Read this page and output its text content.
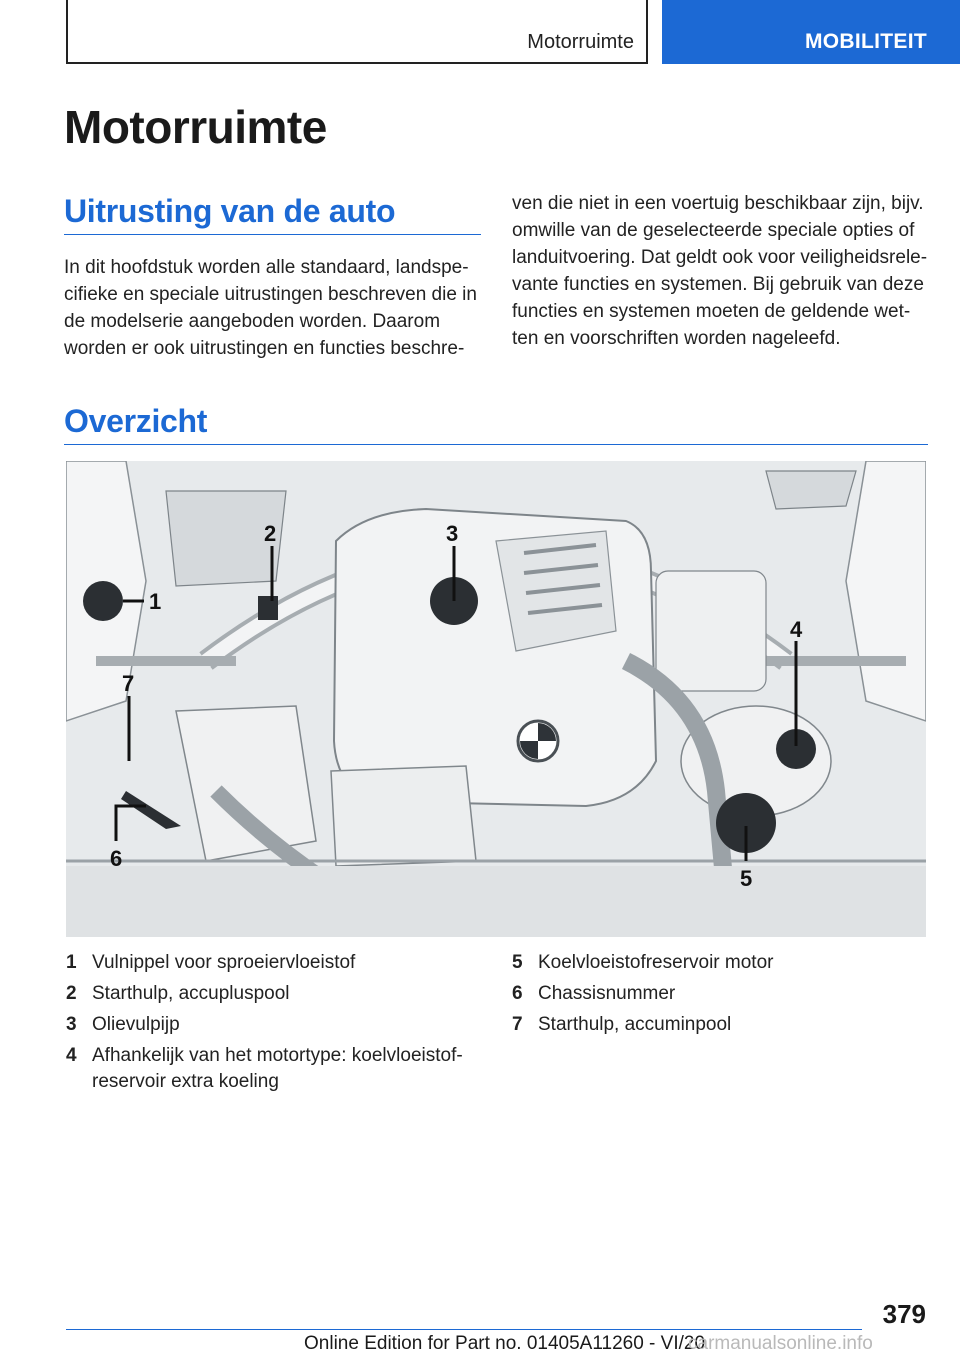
Motorruimte	MOBILITEIT
Motorruimte
Uitrusting van de auto
In dit hoofdstuk worden alle standaard, landspe-
cifieke en speciale uitrustingen beschreven die in
de modelserie aangeboden worden. Daarom
worden er ook uitrustingen en functies beschre-
ven die niet in een voertuig beschikbaar zijn, bijv.
omwille van de geselecteerde speciale opties of
landuitvoering. Dat geldt ook voor veiligheidsrele-
vante functies en systemen. Bij gebruik van deze
functies en systemen moeten de geldende wet-
ten en voorschriften worden nageleefd.
Overzicht
1
2	3
4
5
6
7
1 Vulnippel voor sproeiervloeistof
2 Starthulp, accupluspool
3 Olievulpijp
4 Afhankelijk van het motortype: koelvloeistof-
reservoir extra koeling
5 Koelvloeistofreservoir motor
6 Chassisnummer
7 Starthulp, accuminpool
379
Online Edition for Part no. 01405A11260 - VI/20
carmanualsonline.info
